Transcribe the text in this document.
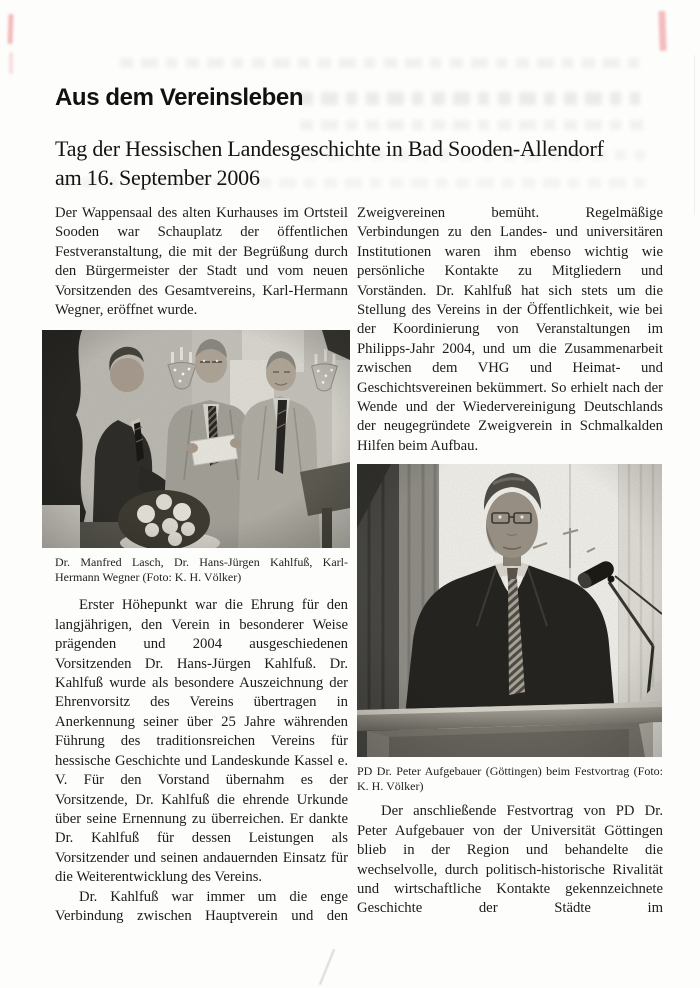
Aus dem Vereinsleben
Tag der Hessischen Landesgeschichte in Bad Sooden-Allendorf
am 16. September 2006

Der Wappensaal des alten Kurhauses im Ortsteil Sooden war Schauplatz der öffentlichen Festveranstaltung, die mit der Begrüßung durch den Bürgermeister der Stadt und vom neuen Vorsitzenden des Gesamtvereins, Karl-Hermann Wegner, eröffnet wurde.

Dr. Manfred Lasch, Dr. Hans-Jürgen Kahlfuß, Karl-Hermann Wegner (Foto: K. H. Völker)

Erster Höhepunkt war die Ehrung für den langjährigen, den Verein in besonderer Weise prägenden und 2004 ausgeschiedenen Vorsitzenden Dr. Hans-Jürgen Kahlfuß. Dr. Kahlfuß wurde als besondere Auszeichnung der Ehrenvorsitz des Vereins übertragen in Anerkennung seiner über 25 Jahre währenden Führung des traditionsreichen Vereins für hessische Geschichte und Landeskunde Kassel e. V. Für den Vorstand übernahm es der Vorsitzende, Dr. Kahlfuß die ehrende Urkunde über seine Ernennung zu überreichen. Er dankte Dr. Kahlfuß für dessen Leistungen als Vorsitzender und seinen andauernden Einsatz für die Weiterentwicklung des Vereins.

Dr. Kahlfuß war immer um die enge Verbindung zwischen Hauptverein und den

Zweigvereinen bemüht. Regelmäßige Verbindungen zu den Landes- und universitären Institutionen waren ihm ebenso wichtig wie persönliche Kontakte zu Mitgliedern und Vorständen. Dr. Kahlfuß hat sich stets um die Stellung des Vereins in der Öffentlichkeit, wie bei der Koordinierung von Veranstaltungen im Philipps-Jahr 2004, und um die Zusammenarbeit zwischen dem VHG und Heimat- und Geschichtsvereinen bekümmert. So erhielt nach der Wende und der Wiedervereinigung Deutschlands der neugegründete Zweigverein in Schmalkalden Hilfen beim Aufbau.

PD Dr. Peter Aufgebauer (Göttingen) beim Festvortrag (Foto: K. H. Völker)

Der anschließende Festvortrag von PD Dr. Peter Aufgebauer von der Universität Göttingen blieb in der Region und behandelte die wechselvolle, durch politisch-historische Rivalität und wirtschaftliche Kontakte gekennzeichnete Geschichte der Städte im
